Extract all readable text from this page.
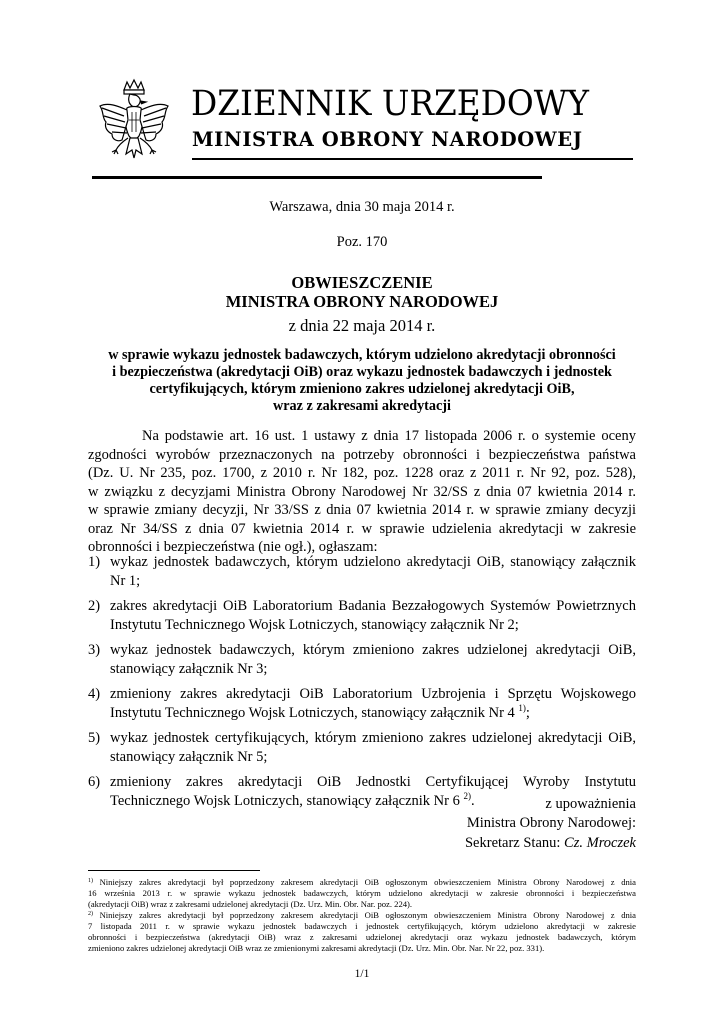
DZIENNIK URZĘDOWY
MINISTRA OBRONY NARODOWEJ
Warszawa, dnia 30 maja 2014 r.
Poz. 170
OBWIESZCZENIE
MINISTRA OBRONY NARODOWEJ
z dnia 22 maja 2014 r.
w sprawie wykazu jednostek badawczych, którym udzielono akredytacji obronności
i bezpieczeństwa (akredytacji OiB) oraz wykazu jednostek badawczych i jednostek
certyfikujących, którym zmieniono zakres udzielonej akredytacji OiB,
wraz z zakresami akredytacji
Na podstawie art. 16 ust. 1 ustawy z dnia 17 listopada 2006 r. o systemie oceny
zgodności wyrobów przeznaczonych na potrzeby obronności i bezpieczeństwa państwa
(Dz. U. Nr 235, poz. 1700, z 2010 r. Nr 182, poz. 1228 oraz z 2011 r. Nr 92, poz. 528),
w związku z decyzjami Ministra Obrony Narodowej Nr 32/SS z dnia 07 kwietnia 2014 r.
w sprawie zmiany decyzji, Nr 33/SS z dnia 07 kwietnia 2014 r. w sprawie zmiany decyzji
oraz Nr 34/SS z dnia 07 kwietnia 2014 r. w sprawie udzielenia akredytacji w zakresie
obronności i bezpieczeństwa (nie ogł.), ogłaszam:
1) wykaz jednostek badawczych, którym udzielono akredytacji OiB, stanowiący załącznik
Nr 1;
2) zakres akredytacji OiB Laboratorium Badania Bezzałogowych Systemów Powietrznych
Instytutu Technicznego Wojsk Lotniczych, stanowiący załącznik Nr 2;
3) wykaz jednostek badawczych, którym zmieniono zakres udzielonej akredytacji OiB,
stanowiący załącznik Nr 3;
4) zmieniony zakres akredytacji OiB Laboratorium Uzbrojenia i Sprzętu Wojskowego
Instytutu Technicznego Wojsk Lotniczych, stanowiący załącznik Nr 4 $^{1)}$;
5) wykaz jednostek certyfikujących, którym zmieniono zakres udzielonej akredytacji OiB,
stanowiący załącznik Nr 5;
6) zmieniony zakres akredytacji OiB Jednostki Certyfikującej Wyroby Instytutu
Technicznego Wojsk Lotniczych, stanowiący załącznik Nr 6 $^{2)}$.	z upoważnienia
Ministra Obrony Narodowej:
Sekretarz Stanu: Cz. Mroczek
$^{1)}$ Niniejszy zakres akredytacji był poprzedzony zakresem akredytacji OiB ogłoszonym obwieszczeniem Ministra Obrony Narodowej z dnia
16 września 2013 r. w sprawie wykazu jednostek badawczych, którym udzielono akredytacji w zakresie obronności i bezpieczeństwa
(akredytacji OiB) wraz z zakresami udzielonej akredytacji (Dz. Urz. Min. Obr. Nar. poz. 224).
$^{2)}$ Niniejszy zakres akredytacji był poprzedzony zakresem akredytacji OiB ogłoszonym obwieszczeniem Ministra Obrony Narodowej z dnia
7 listopada 2011 r. w sprawie wykazu jednostek badawczych i jednostek certyfikujących, którym udzielono akredytacji w zakresie
obronności i bezpieczeństwa (akredytacji OiB) wraz z zakresami udzielonej akredytacji oraz wykazu jednostek badawczych, którym
zmieniono zakres udzielonej akredytacji OiB wraz ze zmienionymi zakresami akredytacji (Dz. Urz. Min. Obr. Nar. Nr 22, poz. 331).
1/1
